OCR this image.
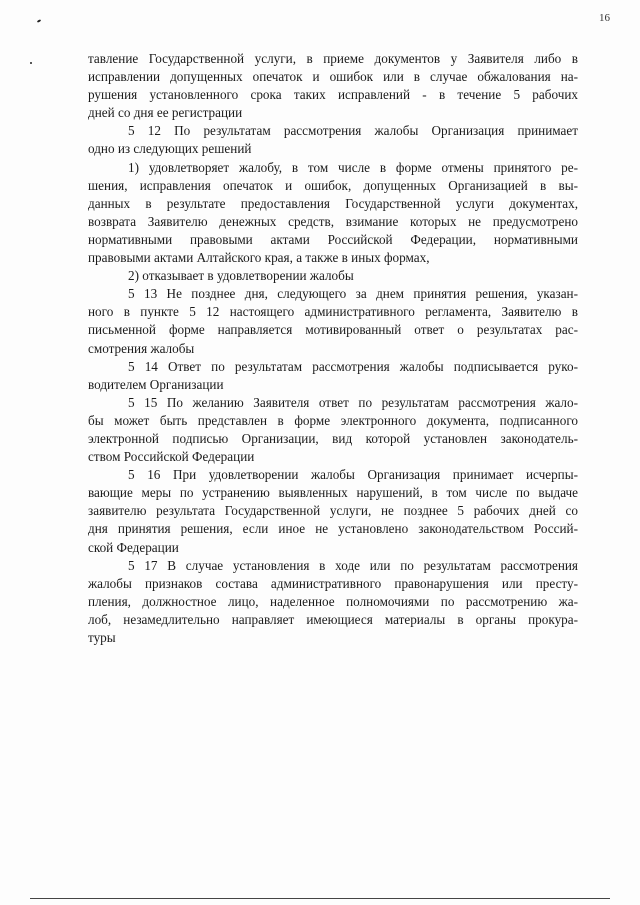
16
тавление Государственной услуги, в приеме документов у Заявителя либо в
исправлении допущенных опечаток и ошибок или в случае обжалования на-
рушения установленного срока таких исправлений - в течение 5 рабочих
дней со дня ее регистрации
5 12 По результатам рассмотрения жалобы Организация принимает
одно из следующих решений
1) удовлетворяет жалобу, в том числе в форме отмены принятого ре-
шения, исправления опечаток и ошибок, допущенных Организацией в вы-
данных в результате предоставления Государственной услуги документах,
возврата Заявителю денежных средств, взимание которых не предусмотрено
нормативными правовыми актами Российской Федерации, нормативными
правовыми актами Алтайского края, а также в иных формах,
2) отказывает в удовлетворении жалобы
5 13 Не позднее дня, следующего за днем принятия решения, указан-
ного в пункте 5 12 настоящего административного регламента, Заявителю в
письменной форме направляется мотивированный ответ о результатах рас-
смотрения жалобы
5 14 Ответ по результатам рассмотрения жалобы подписывается руко-
водителем Организации
5 15 По желанию Заявителя ответ по результатам рассмотрения жало-
бы может быть представлен в форме электронного документа, подписанного
электронной подписью Организации, вид которой установлен законодатель-
ством Российской Федерации
5 16 При удовлетворении жалобы Организация принимает исчерпы-
вающие меры по устранению выявленных нарушений, в том числе по выдаче
заявителю результата Государственной услуги, не позднее 5 рабочих дней со
дня принятия решения, если иное не установлено законодательством Россий-
ской Федерации
5 17 В случае установления в ходе или по результатам рассмотрения
жалобы признаков состава административного правонарушения или престу-
пления, должностное лицо, наделенное полномочиями по рассмотрению жа-
лоб, незамедлительно направляет имеющиеся материалы в органы прокура-
туры
